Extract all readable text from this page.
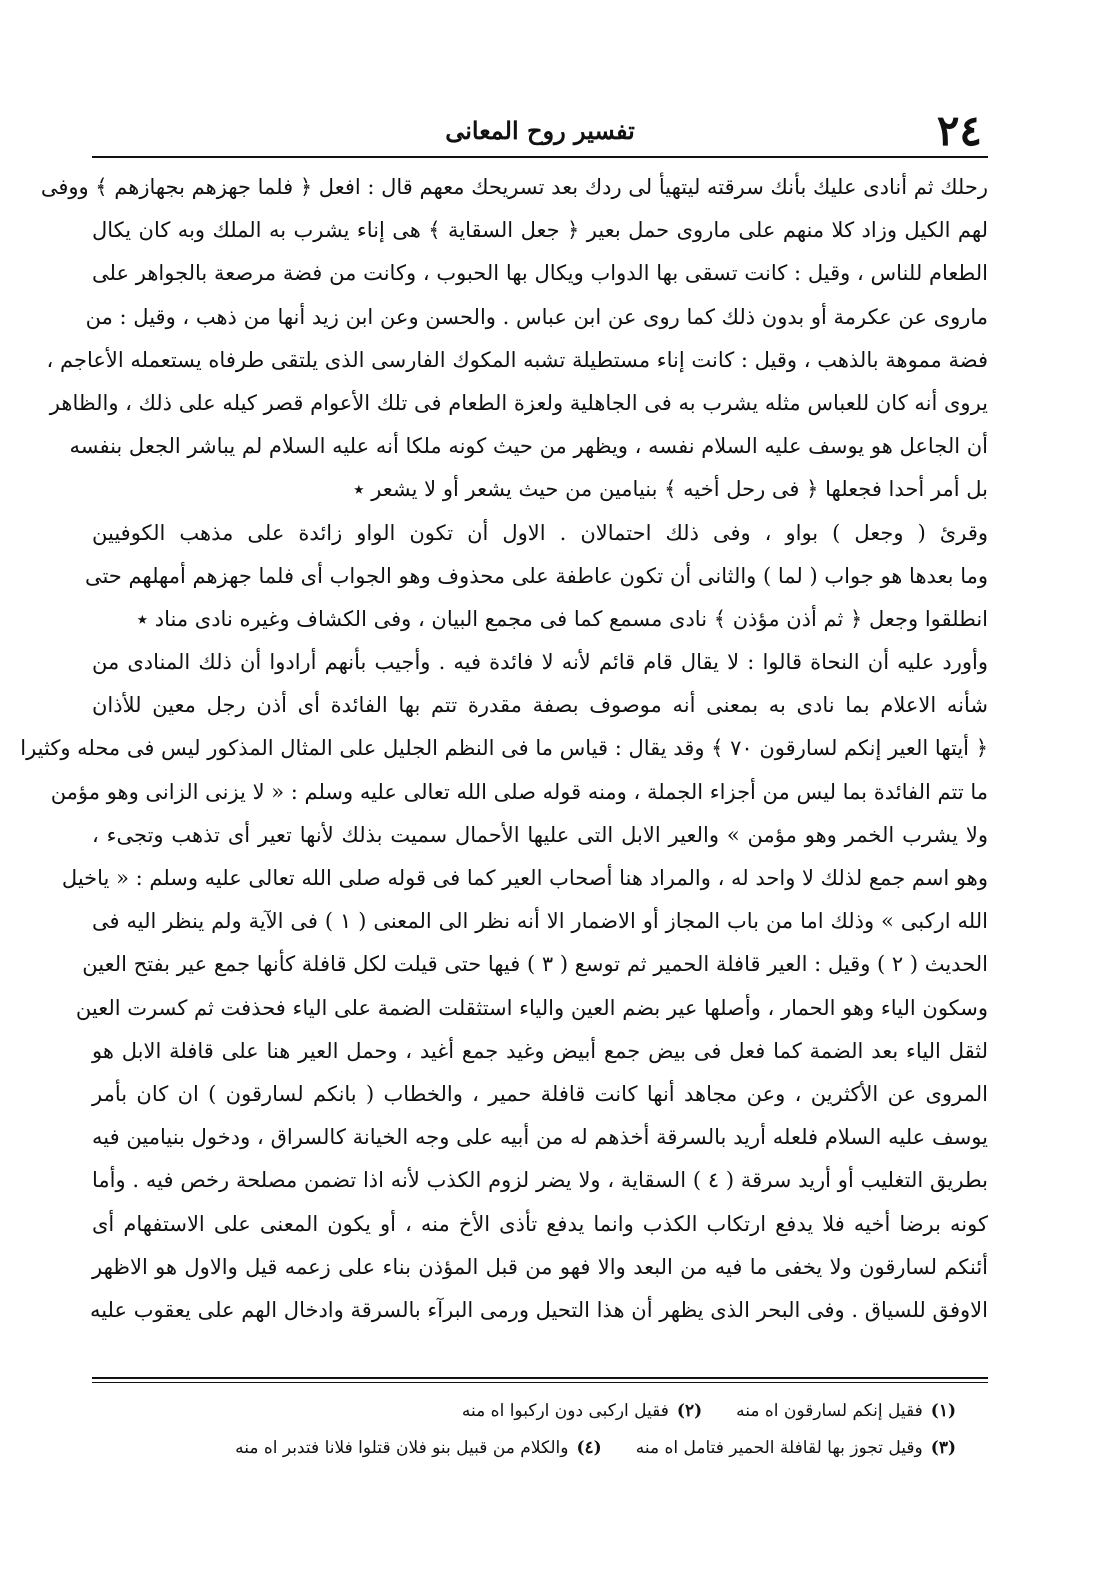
٢٤
تفسير روح المعانى
رحلك ثم أنادى عليك بأنك سرقته ليتهيأ لى ردك بعد تسريحك معهم قال : افعل ﴿ فلما جهزهم بجهازهم ﴾ ووفى
لهم الكيل وزاد كلا منهم على ماروى حمل بعير ﴿ جعل السقاية ﴾ هى إناء يشرب به الملك وبه كان يكال
الطعام للناس ، وقيل : كانت تسقى بها الدواب ويكال بها الحبوب ، وكانت من فضة مرصعة بالجواهر على
ماروى عن عكرمة أو بدون ذلك كما روى عن ابن عباس . والحسن وعن ابن زيد أنها من ذهب ، وقيل : من
فضة مموهة بالذهب ، وقيل : كانت إناء مستطيلة تشبه المكوك الفارسى الذى يلتقى طرفاه يستعمله الأعاجم ،
يروى أنه كان للعباس مثله يشرب به فى الجاهلية ولعزة الطعام فى تلك الأعوام قصر كيله على ذلك ، والظاهر
أن الجاعل هو يوسف عليه السلام نفسه ، ويظهر من حيث كونه ملكا أنه عليه السلام لم يباشر الجعل بنفسه
بل أمر أحدا فجعلها ﴿ فى رحل أخيه ﴾ بنيامين من حيث يشعر أو لا يشعر ٭
وقرئ ( وجعل ) بواو ، وفى ذلك احتمالان . الاول أن تكون الواو زائدة على مذهب الكوفيين
وما بعدها هو جواب ( لما ) والثانى أن تكون عاطفة على محذوف وهو الجواب أى فلما جهزهم أمهلهم حتى
انطلقوا وجعل ﴿ ثم أذن مؤذن ﴾ نادى مسمع كما فى مجمع البيان ، وفى الكشاف وغيره نادى مناد ٭
وأورد عليه أن النحاة قالوا : لا يقال قام قائم لأنه لا فائدة فيه . وأجيب بأنهم أرادوا أن ذلك المنادى من
شأنه الاعلام بما نادى به بمعنى أنه موصوف بصفة مقدرة تتم بها الفائدة أى أذن رجل معين للأذان
﴿ أيتها العير إنكم لسارقون ٧٠ ﴾ وقد يقال : قياس ما فى النظم الجليل على المثال المذكور ليس فى محله وكثيرا
ما تتم الفائدة بما ليس من أجزاء الجملة ، ومنه قوله صلى الله تعالى عليه وسلم : « لا يزنى الزانى وهو مؤمن
ولا يشرب الخمر وهو مؤمن » والعير الابل التى عليها الأحمال سميت بذلك لأنها تعير أى تذهب وتجىء ،
وهو اسم جمع لذلك لا واحد له ، والمراد هنا أصحاب العير كما فى قوله صلى الله تعالى عليه وسلم : « ياخيل
الله اركبى » وذلك اما من باب المجاز أو الاضمار الا أنه نظر الى المعنى ( ١ ) فى الآية ولم ينظر اليه فى
الحديث ( ٢ ) وقيل : العير قافلة الحمير ثم توسع ( ٣ ) فيها حتى قيلت لكل قافلة كأنها جمع عير بفتح العين
وسكون الياء وهو الحمار ، وأصلها عير بضم العين والياء استثقلت الضمة على الياء فحذفت ثم كسرت العين
لثقل الياء بعد الضمة كما فعل فى بيض جمع أبيض وغيد جمع أغيد ، وحمل العير هنا على قافلة الابل هو
المروى عن الأكثرين ، وعن مجاهد أنها كانت قافلة حمير ، والخطاب ( بانكم لسارقون ) ان كان بأمر
يوسف عليه السلام فلعله أريد بالسرقة أخذهم له من أبيه على وجه الخيانة كالسراق ، ودخول بنيامين فيه
بطريق التغليب أو أريد سرقة ( ٤ ) السقاية ، ولا يضر لزوم الكذب لأنه اذا تضمن مصلحة رخص فيه . وأما
كونه برضا أخيه فلا يدفع ارتكاب الكذب وانما يدفع تأذى الأخ منه ، أو يكون المعنى على الاستفهام أى
أئنكم لسارقون ولا يخفى ما فيه من البعد والا فهو من قبل المؤذن بناء على زعمه قيل والاول هو الاظهر
الاوفق للسياق . وفى البحر الذى يظهر أن هذا التحيل ورمى البرآء بالسرقة وادخال الهم على يعقوب عليه
(١)فقيل إنكم لسارقون اه منه
(٢)فقيل اركبى دون اركبوا اه منه
(٣)وقيل تجوز بها لقافلة الحمير فتامل اه منه
(٤)والكلام من قبيل بنو فلان قتلوا فلانا فتدبر اه منه
